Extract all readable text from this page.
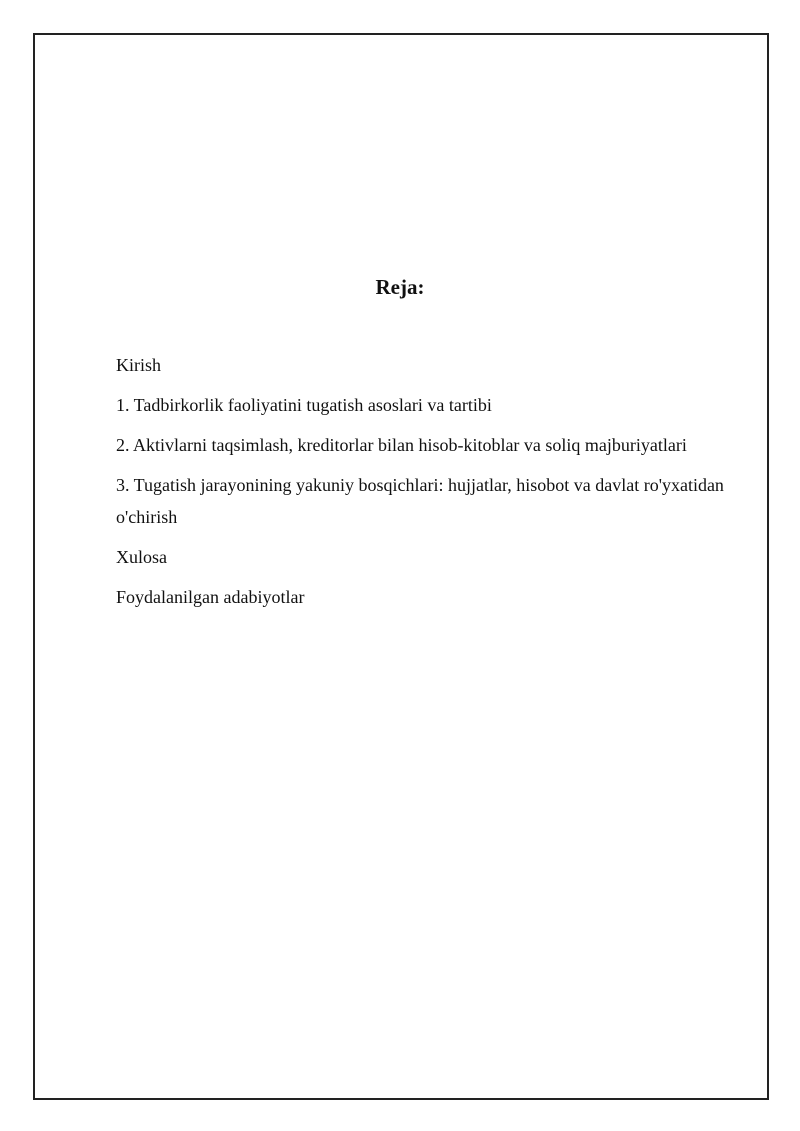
Reja:
Kirish
1. Tadbirkorlik faoliyatini tugatish asoslari va tartibi
2. Aktivlarni taqsimlash, kreditorlar bilan hisob-kitoblar va soliq majburiyatlari
3. Tugatish jarayonining yakuniy bosqichlari: hujjatlar, hisobot va davlat ro'yxatidan o'chirish
Xulosa
Foydalanilgan adabiyotlar
